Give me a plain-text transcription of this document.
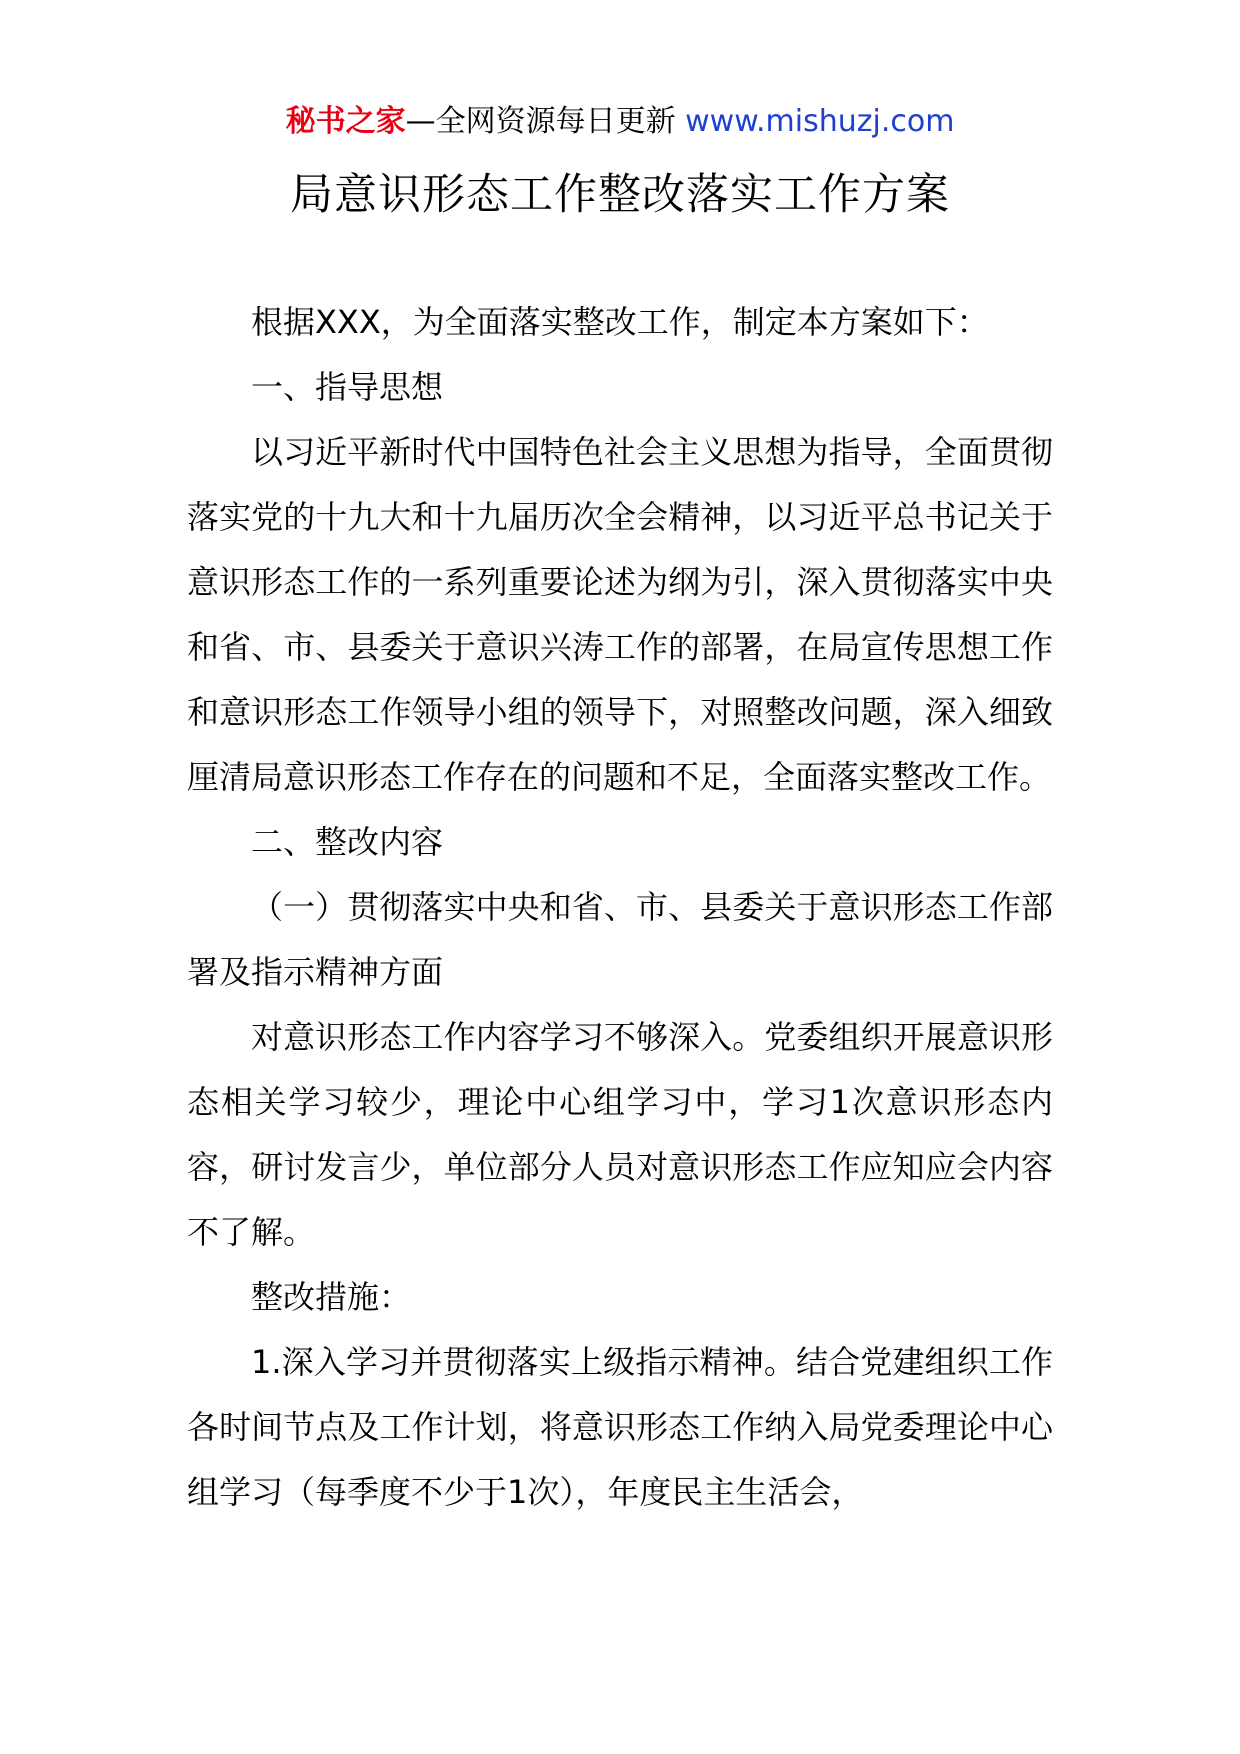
秘书之家—全网资源每日更新 www.mishuzj.com
局意识形态工作整改落实工作方案

根据XXX，为全面落实整改工作，制定本方案如下：

一、指导思想

以习近平新时代中国特色社会主义思想为指导，全面贯彻落实党的十九大和十九届历次全会精神，以习近平总书记关于意识形态工作的一系列重要论述为纲为引，深入贯彻落实中央和省、市、县委关于意识兴涛工作的部署，在局宣传思想工作和意识形态工作领导小组的领导下，对照整改问题，深入细致厘清局意识形态工作存在的问题和不足，全面落实整改工作。

二、整改内容

（一）贯彻落实中央和省、市、县委关于意识形态工作部署及指示精神方面

对意识形态工作内容学习不够深入。党委组织开展意识形态相关学习较少，理论中心组学习中，学习1次意识形态内容，研讨发言少，单位部分人员对意识形态工作应知应会内容不了解。

整改措施：

1.深入学习并贯彻落实上级指示精神。结合党建组织工作各时间节点及工作计划，将意识形态工作纳入局党委理论中心组学习（每季度不少于1次），年度民主生活会，
